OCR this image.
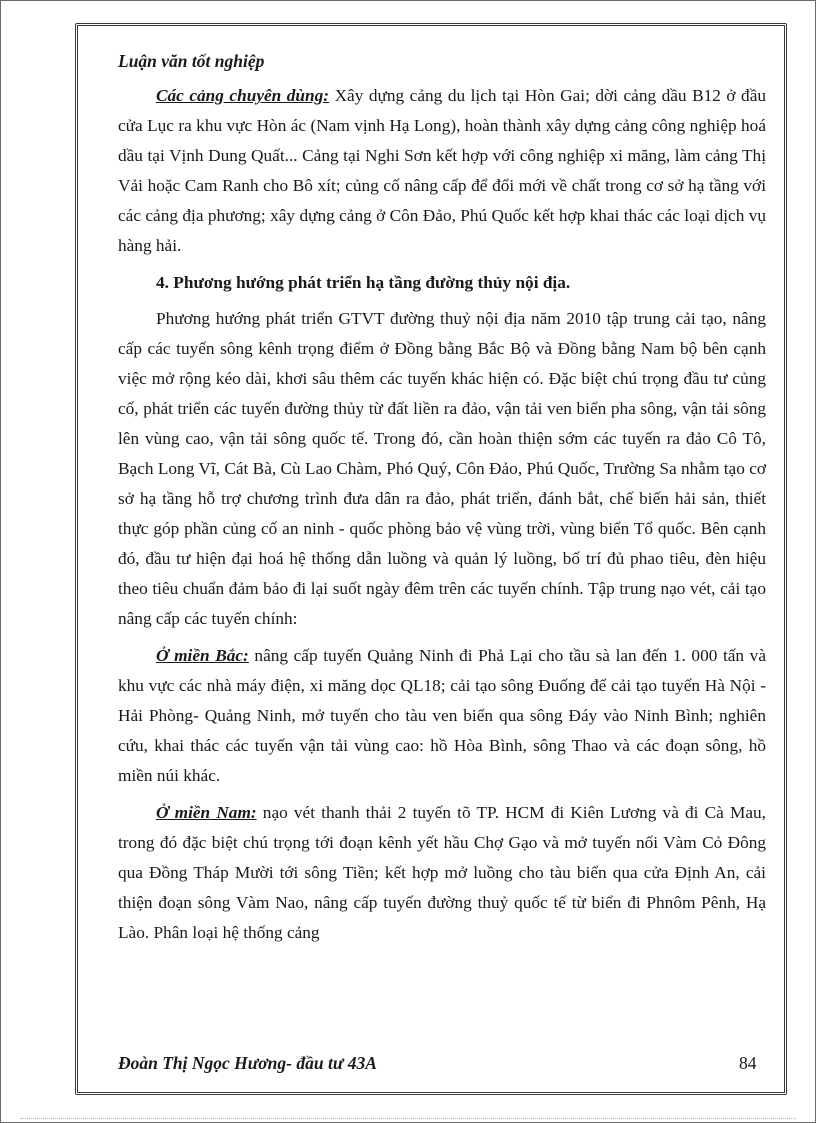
Luận văn tốt nghiệp

Các cảng chuyên dùng: Xây dựng cảng du lịch tại Hòn Gai; dời cảng dầu B12 ở đầu cửa Lục ra khu vực Hòn ác (Nam vịnh Hạ Long), hoàn thành xây dựng cảng công nghiệp hoá dầu tại Vịnh Dung Quất... Cảng tại Nghi Sơn kết hợp với công nghiệp xi măng, làm cảng Thị Vải hoặc Cam Ranh cho Bô xít; củng cố nâng cấp để đổi mới về chất trong cơ sở hạ tầng với các cảng địa phương; xây dựng cảng ở Côn Đảo, Phú Quốc kết hợp khai thác các loại dịch vụ hàng hải.

4. Phương hướng phát triển hạ tầng đường thủy nội địa.

Phương hướng phát triển GTVT đường thuỷ nội địa năm 2010 tập trung cải tạo, nâng cấp các tuyến sông kênh trọng điểm ở Đồng bằng Bắc Bộ và Đồng bằng Nam bộ bên cạnh việc mở rộng kéo dài, khơi sâu thêm các tuyến khác hiện có. Đặc biệt chú trọng đầu tư củng cố, phát triển các tuyến đường thủy từ đất liền ra đảo, vận tải ven biển pha sông, vận tải sông lên vùng cao, vận tải sông quốc tế. Trong đó, cần hoàn thiện sớm các tuyến ra đảo Cô Tô, Bạch Long Vĩ, Cát Bà, Cù Lao Chàm, Phó Quý, Côn Đảo, Phú Quốc, Trường Sa nhằm tạo cơ sở hạ tầng hỗ trợ chương trình đưa dân ra đảo, phát triển, đánh bắt, chế biến hải sản, thiết thực góp phần củng cố an ninh - quốc phòng bảo vệ vùng trời, vùng biển Tổ quốc. Bên cạnh đó, đầu tư hiện đại hoá hệ thống dẫn luồng và quản lý luồng, bố trí đủ phao tiêu, đèn hiệu theo tiêu chuẩn đảm bảo đi lại suốt ngày đêm trên các tuyến chính. Tập trung nạo vét, cải tạo nâng cấp các tuyến chính:

Ở miền Bắc: nâng cấp tuyến Quảng Ninh đi Phả Lại cho tầu sà lan đến 1. 000 tấn và khu vực các nhà máy điện, xi măng dọc QL18; cải tạo sông Đuống để cải tạo tuyến Hà Nội - Hải Phòng- Quảng Ninh, mở tuyến cho tàu ven biển qua sông Đáy vào Ninh Bình; nghiên cứu, khai thác các tuyến vận tải vùng cao: hồ Hòa Bình, sông Thao và các đoạn sông, hồ miền núi khác.

Ở miền Nam: nạo vét thanh thải 2 tuyến tõ TP. HCM đi Kiên Lương và đi Cà Mau, trong đó đặc biệt chú trọng tới đoạn kênh yết hầu Chợ Gạo và mở tuyến nối Vàm Cỏ Đông qua Đồng Tháp Mười tới sông Tiền; kết hợp mở luồng cho tàu biển qua cửa Định An, cải thiện đoạn sông Vàm Nao, nâng cấp tuyến đường thuỷ quốc tế từ biển đi Phnôm Pênh, Hạ Lào. Phân loại hệ thống cảng

Đoàn Thị Ngọc Hương- đầu tư 43A	84
